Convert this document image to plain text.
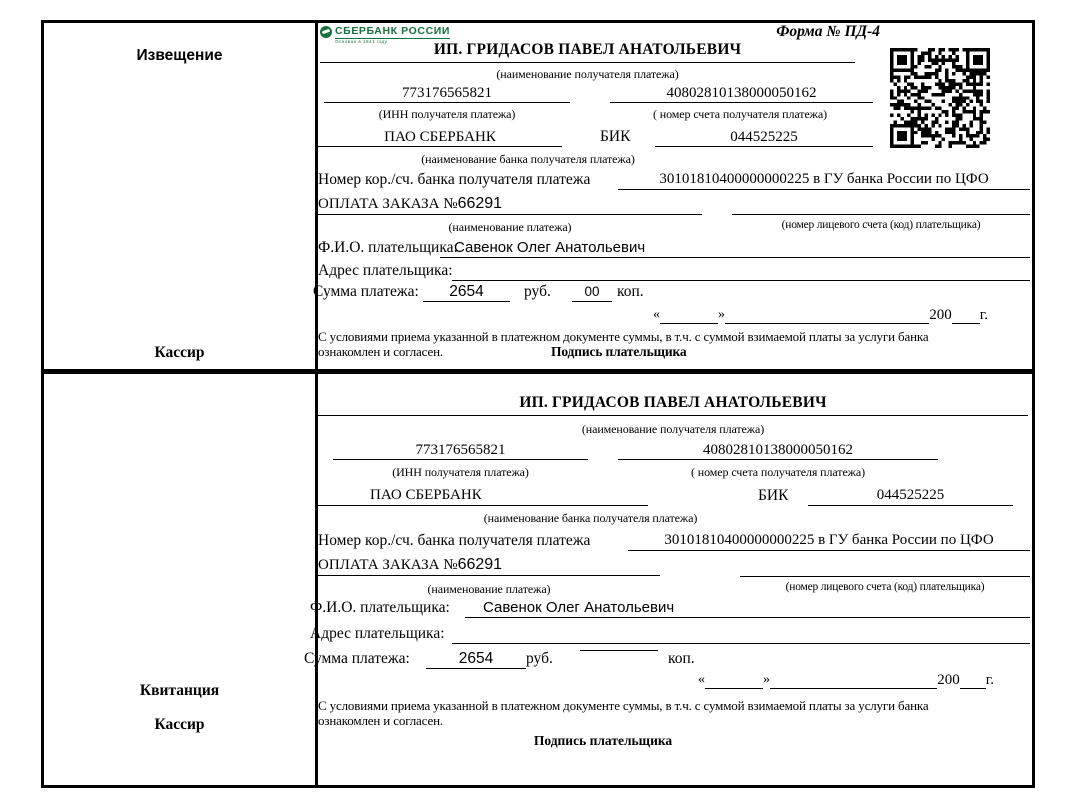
Извещение
Кассир
СБЕРБАНК РОССИИ
Основан в 1841 году
Форма № ПД-4
ИП. ГРИДАСОВ ПАВЕЛ АНАТОЛЬЕВИЧ
(наименование получателя платежа)
773176565821	40802810138000050162
(ИНН получателя платежа)	( номер счета получателя платежа)
ПАО СБЕРБАНК	БИК	044525225
(наименование банка получателя платежа)
Номер кор./сч. банка получателя платежа	30101810400000000225 в ГУ банка России по ЦФО
ОПЛАТА ЗАКАЗА №66291
(наименование платежа)	(номер лицевого счета (код) плательщика)
Ф.И.О. плательщика:
Савенок Олег Анатольевич
Адрес плательщика:
Сумма платежа:	2654	руб.	00	коп.
«	»	200 г.
С условиями приема указанной в платежном документе суммы, в т.ч. с суммой взимаемой платы за услуги банка
ознакомлен и согласен.	Подпись плательщика
Квитанция
Кассир
ИП. ГРИДАСОВ ПАВЕЛ АНАТОЛЬЕВИЧ
(наименование получателя платежа)
773176565821	40802810138000050162
(ИНН получателя платежа)	( номер счета получателя платежа)
ПАО СБЕРБАНК	БИК	044525225
(наименование банка получателя платежа)
Номер кор./сч. банка получателя платежа	30101810400000000225 в ГУ банка России по ЦФО
ОПЛАТА ЗАКАЗА №66291
(наименование платежа)	(номер лицевого счета (код) плательщика)
Ф.И.О. плательщика:	Савенок Олег Анатольевич
Адрес плательщика:
Сумма платежа:	2654	руб.	коп.
«	»	200 г.
С условиями приема указанной в платежном документе суммы, в т.ч. с суммой взимаемой платы за услуги банка
ознакомлен и согласен.
Подпись плательщика
